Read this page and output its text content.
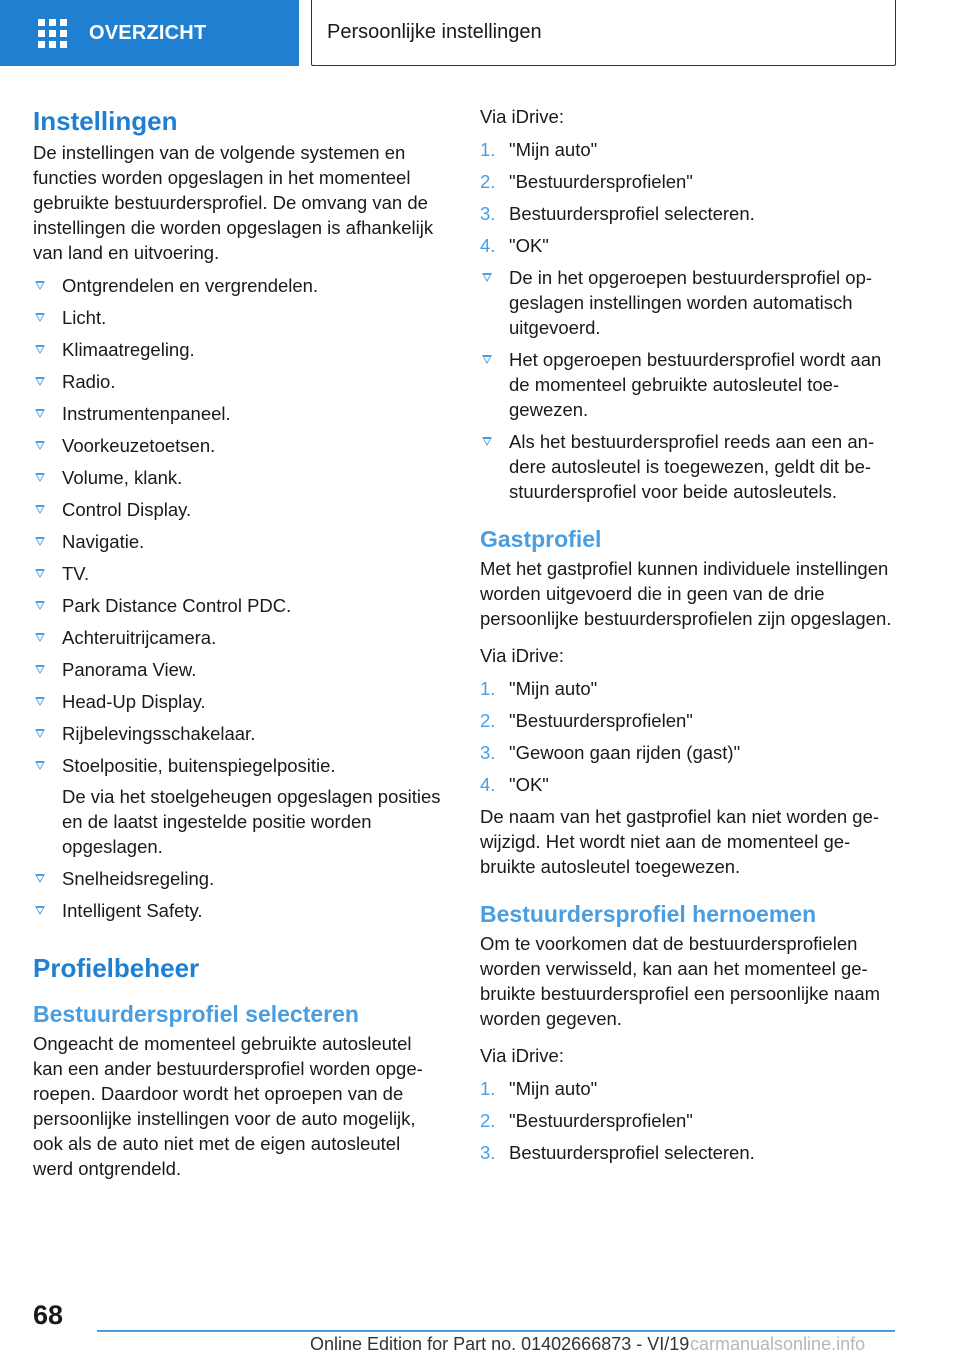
OVERZICHT	Persoonlijke instellingen
Instellingen

De instellingen van de volgende systemen en functies worden opgeslagen in het momenteel gebruikte bestuurdersprofiel. De omvang van de instellingen die worden opgeslagen is afhankelijk van land en uitvoering.

Ontgrendelen en vergrendelen.
Licht.
Klimaatregeling.
Radio.
Instrumentenpaneel.
Voorkeuzetoetsen.
Volume, klank.
Control Display.
Navigatie.
TV.
Park Distance Control PDC.
Achteruitrijcamera.
Panorama View.
Head-Up Display.
Rijbelevingsschakelaar.
Stoelpositie, buitenspiegelpositie.

De via het stoelgeheugen opgeslagen posities en de laatst ingestelde positie worden opgeslagen.

Snelheidsregeling.
Intelligent Safety.
Profielbeheer
Bestuurdersprofiel selecteren

Ongeacht de momenteel gebruikte autosleutel kan een ander bestuurdersprofiel worden opgeroepen. Daardoor wordt het oproepen van de persoonlijke instellingen voor de auto mogelijk, ook als de auto niet met de eigen autosleutel werd ontgrendeld.

Via iDrive:

1. "Mijn auto"
2. "Bestuurdersprofielen"
3. Bestuurdersprofiel selecteren.
4. "OK"
De in het opgeroepen bestuurdersprofiel opgeslagen instellingen worden automatisch uitgevoerd.
Het opgeroepen bestuurdersprofiel wordt aan de momenteel gebruikte autosleutel toegewezen.
Als het bestuurdersprofiel reeds aan een andere autosleutel is toegewezen, geldt dit bestuurdersprofiel voor beide autosleutels.
Gastprofiel

Met het gastprofiel kunnen individuele instellingen worden uitgevoerd die in geen van de drie persoonlijke bestuurdersprofielen zijn opgeslagen.

Via iDrive:

1. "Mijn auto"
2. "Bestuurdersprofielen"
3. "Gewoon gaan rijden (gast)"
4. "OK"

De naam van het gastprofiel kan niet worden gewijzigd. Het wordt niet aan de momenteel gebruikte autosleutel toegewezen.

Bestuurdersprofiel hernoemen

Om te voorkomen dat de bestuurdersprofielen worden verwisseld, kan aan het momenteel gebruikte bestuurdersprofiel een persoonlijke naam worden gegeven.

Via iDrive:

1. "Mijn auto"
2. "Bestuurdersprofielen"
3. Bestuurdersprofiel selecteren.
68
Online Edition for Part no. 01402666873 - VI/19 carmanualsonline.info
